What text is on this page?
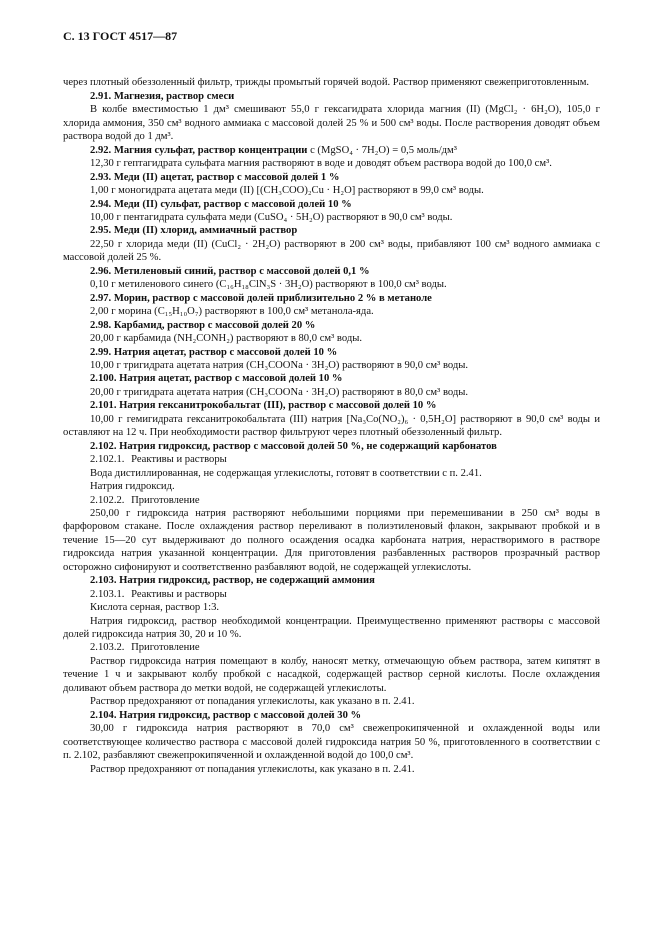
С. 13 ГОСТ 4517—87

через плотный обеззоленный фильтр, трижды промытый горячей водой. Раствор применяют свежеприготовленным.

2.91. Магнезия, раствор смеси

В колбе вместимостью 1 дм³ смешивают 55,0 г гексагидрата хлорида магния (II) (MgCl₂ · 6H₂O), 105,0 г хлорида аммония, 350 см³ водного аммиака с массовой долей 25 % и 500 см³ воды. После растворения доводят объем раствора водой до 1 дм³.

2.92. Магния сульфат, раствор концентрации c (MgSO₄ · 7H₂O) = 0,5 моль/дм³

12,30 г гептагидрата сульфата магния растворяют в воде и доводят объем раствора водой до 100,0 см³.

2.93. Меди (II) ацетат, раствор с массовой долей 1 %

1,00 г моногидрата ацетата меди (II) [(CH₃COO)₂Cu · H₂O] растворяют в 99,0 см³ воды.

2.94. Меди (II) сульфат, раствор с массовой долей 10 %

10,00 г пентагидрата сульфата меди (CuSO₄ · 5H₂O) растворяют в 90,0 см³ воды.

2.95. Меди (II) хлорид, аммиачный раствор

22,50 г хлорида меди (II) (CuCl₂ · 2H₂O) растворяют в 200 см³ воды, прибавляют 100 см³ водного аммиака с массовой долей 25 %.

2.96. Метиленовый синий, раствор с массовой долей 0,1 %

0,10 г метиленового синего (C₁₆H₁₈ClN₃S · 3H₂O) растворяют в 100,0 см³ воды.

2.97. Морин, раствор с массовой долей приблизительно 2 % в метаноле

2,00 г морина (C₁₅H₁₀O₇) растворяют в 100,0 см³ метанола-яда.

2.98. Карбамид, раствор с массовой долей 20 %

20,00 г карбамида (NH₂CONH₂) растворяют в 80,0 см³ воды.

2.99. Натрия ацетат, раствор с массовой долей 10 %

10,00 г тригидрата ацетата натрия (CH₃COONa · 3H₂O) растворяют в 90,0 см³ воды.

2.100. Натрия ацетат, раствор с массовой долей 10 %

20,00 г тригидрата ацетата натрия (CH₃COONa · 3H₂O) растворяют в 80,0 см³ воды.

2.101. Натрия гексанитрокобальтат (III), раствор с массовой долей 10 %

10,00 г гемигидрата гексанитрокобальтата (III) натрия [Na₃Co(NO₂)₆ · 0,5H₂O] растворяют в 90,0 см³ воды и оставляют на 12 ч. При необходимости раствор фильтруют через плотный обеззоленный фильтр.

2.102. Натрия гидроксид, раствор с массовой долей 50 %, не содержащий карбонатов

2.102.1. Реактивы и растворы

Вода дистиллированная, не содержащая углекислоты, готовят в соответствии с п. 2.41.

Натрия гидроксид.

2.102.2. Приготовление

250,00 г гидроксида натрия растворяют небольшими порциями при перемешивании в 250 см³ воды в фарфоровом стакане. После охлаждения раствор переливают в полиэтиленовый флакон, закрывают пробкой и в течение 15—20 сут выдерживают до полного осаждения осадка карбоната натрия, нерастворимого в растворе гидроксида натрия указанной концентрации. Для приготовления разбавленных растворов прозрачный раствор осторожно сифонируют и соответственно разбавляют водой, не содержащей углекислоты.

2.103. Натрия гидроксид, раствор, не содержащий аммония

2.103.1. Реактивы и растворы

Кислота серная, раствор 1:3.

Натрия гидроксид, раствор необходимой концентрации. Преимущественно применяют растворы с массовой долей гидроксида натрия 30, 20 и 10 %.

2.103.2. Приготовление

Раствор гидроксида натрия помещают в колбу, наносят метку, отмечающую объем раствора, затем кипятят в течение 1 ч и закрывают колбу пробкой с насадкой, содержащей раствор серной кислоты. После охлаждения доливают объем раствора до метки водой, не содержащей углекислоты.

Раствор предохраняют от попадания углекислоты, как указано в п. 2.41.

2.104. Натрия гидроксид, раствор с массовой долей 30 %

30,00 г гидроксида натрия растворяют в 70,0 см³ свежепрокипяченной и охлажденной воды или соответствующее количество раствора с массовой долей гидроксида натрия 50 %, приготовленного в соответствии с п. 2.102, разбавляют свежепрокипяченной и охлажденной водой до 100,0 см³.

Раствор предохраняют от попадания углекислоты, как указано в п. 2.41.
